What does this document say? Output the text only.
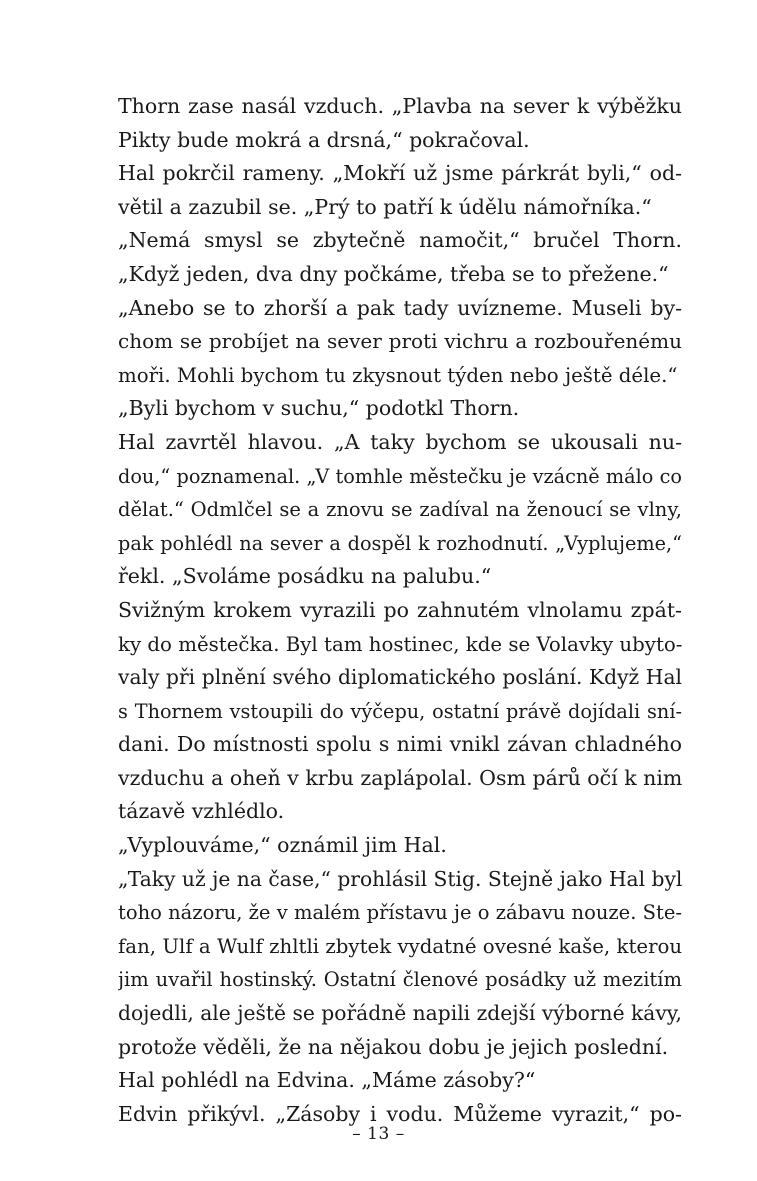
Thorn zase nasál vzduch. „Plavba na sever k výběžku
Pikty bude mokrá a drsná,“ pokračoval.
Hal pokrčil rameny. „Mokří už jsme párkrát byli,“ od-
větil a zazubil se. „Prý to patří k údělu námořníka.“
„Nemá smysl se zbytečně namočit,“ bručel Thorn.
„Když jeden, dva dny počkáme, třeba se to přežene.“
„Anebo se to zhorší a pak tady uvízneme. Museli by-
chom se probíjet na sever proti vichru a rozbouřenému
moři. Mohli bychom tu zkysnout týden nebo ještě déle.“
„Byli bychom v suchu,“ podotkl Thorn.
Hal zavrtěl hlavou. „A taky bychom se ukousali nu-
dou,“ poznamenal. „V tomhle městečku je vzácně málo co
dělat.“ Odmlčel se a znovu se zadíval na ženoucí se vlny,
pak pohlédl na sever a dospěl k rozhodnutí. „Vyplujeme,“
řekl. „Svoláme posádku na palubu.“
Svižným krokem vyrazili po zahnutém vlnolamu zpát-
ky do městečka. Byl tam hostinec, kde se Volavky ubyto-
valy při plnění svého diplomatického poslání. Když Hal
s Thornem vstoupili do výčepu, ostatní právě dojídali sní-
dani. Do místnosti spolu s nimi vnikl závan chladného
vzduchu a oheň v krbu zaplápolal. Osm párů očí k nim
tázavě vzhlédlo.
„Vyplouváme,“ oznámil jim Hal.
„Taky už je na čase,“ prohlásil Stig. Stejně jako Hal byl
toho názoru, že v malém přístavu je o zábavu nouze. Ste-
fan, Ulf a Wulf zhltli zbytek vydatné ovesné kaše, kterou
jim uvařil hostinský. Ostatní členové posádky už mezitím
dojedli, ale ještě se pořádně napili zdejší výborné kávy,
protože věděli, že na nějakou dobu je jejich poslední.
Hal pohlédl na Edvina. „Máme zásoby?“
Edvin přikývl. „Zásoby i vodu. Můžeme vyrazit,“ po-
– 13 –
